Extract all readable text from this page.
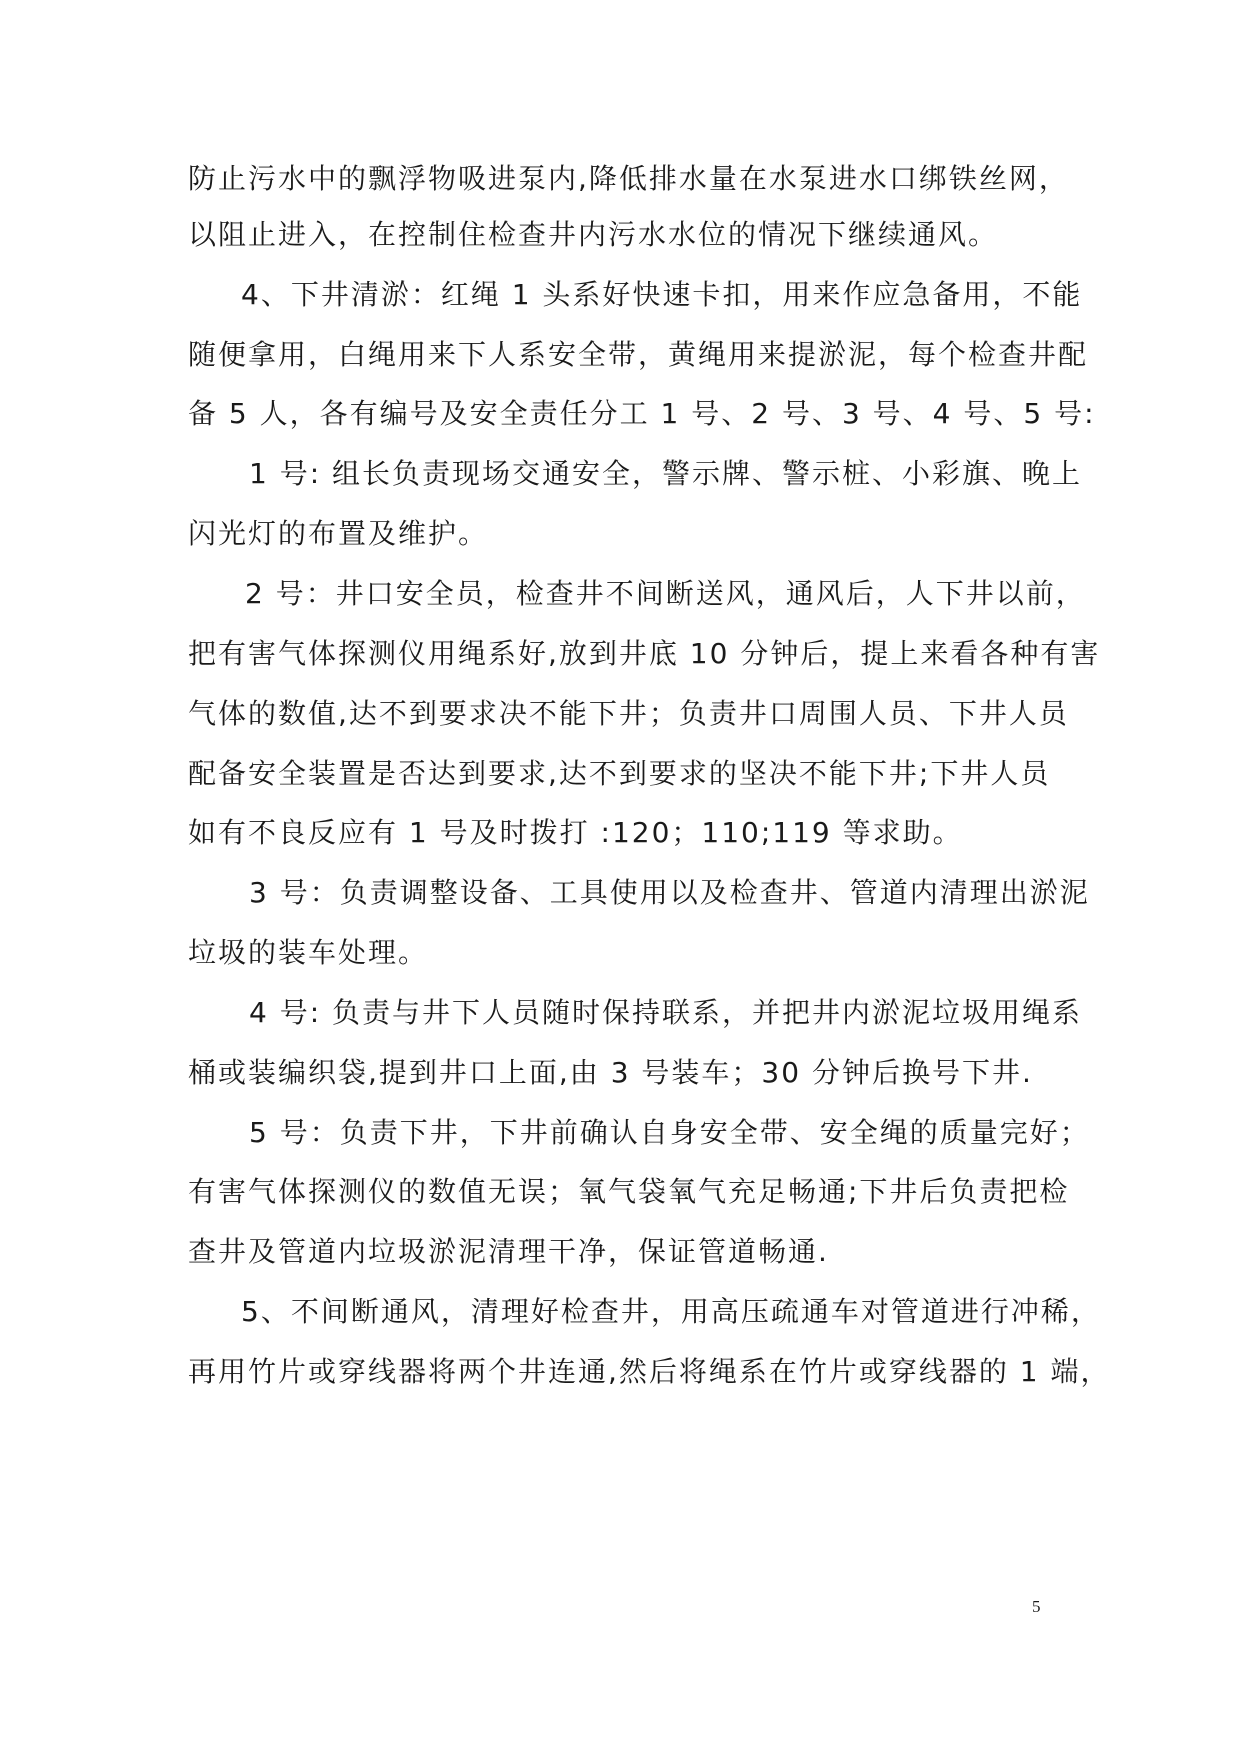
防止污水中的飘浮物吸进泵内,降低排水量在水泵进水口绑铁丝网，
以阻止进入，在控制住检查井内污水水位的情况下继续通风。
4、下井清淤：红绳 1 头系好快速卡扣，用来作应急备用，不能
随便拿用，白绳用来下人系安全带，黄绳用来提淤泥，每个检查井配
备 5 人，各有编号及安全责任分工 1 号、2 号、3 号、4 号、5 号:
1 号: 组长负责现场交通安全，警示牌、警示桩、小彩旗、晚上
闪光灯的布置及维护。
2 号：井口安全员，检查井不间断送风，通风后，人下井以前，
把有害气体探测仪用绳系好,放到井底 10 分钟后，提上来看各种有害
气体的数值,达不到要求决不能下井；负责井口周围人员、下井人员
配备安全装置是否达到要求,达不到要求的坚决不能下井;下井人员
如有不良反应有 1 号及时拨打 :120；110;119 等求助。
3 号：负责调整设备、工具使用以及检查井、管道内清理出淤泥
垃圾的装车处理。
4 号: 负责与井下人员随时保持联系，并把井内淤泥垃圾用绳系
桶或装编织袋,提到井口上面,由 3 号装车；30 分钟后换号下井.
5 号：负责下井，下井前确认自身安全带、安全绳的质量完好；
有害气体探测仪的数值无误；氧气袋氧气充足畅通;下井后负责把检
查井及管道内垃圾淤泥清理干净，保证管道畅通.
5、不间断通风，清理好检查井，用高压疏通车对管道进行冲稀，
再用竹片或穿线器将两个井连通,然后将绳系在竹片或穿线器的 1 端，
5
